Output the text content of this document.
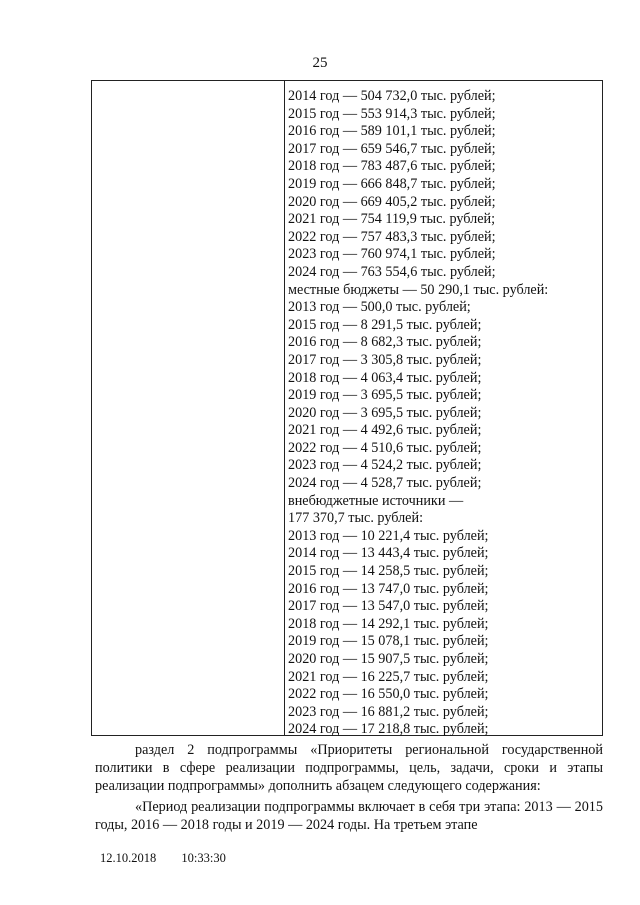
25
2014 год — 504 732,0 тыс. рублей;
2015 год — 553 914,3 тыс. рублей;
2016 год — 589 101,1 тыс. рублей;
2017 год — 659 546,7 тыс. рублей;
2018 год — 783 487,6 тыс. рублей;
2019 год — 666 848,7 тыс. рублей;
2020 год — 669 405,2 тыс. рублей;
2021 год — 754 119,9 тыс. рублей;
2022 год — 757 483,3 тыс. рублей;
2023 год — 760 974,1 тыс. рублей;
2024 год — 763 554,6 тыс. рублей;
местные бюджеты — 50 290,1 тыс. рублей:
2013 год — 500,0 тыс. рублей;
2015 год — 8 291,5 тыс. рублей;
2016 год — 8 682,3 тыс. рублей;
2017 год — 3 305,8 тыс. рублей;
2018 год — 4 063,4 тыс. рублей;
2019 год — 3 695,5 тыс. рублей;
2020 год — 3 695,5 тыс. рублей;
2021 год — 4 492,6 тыс. рублей;
2022 год — 4 510,6 тыс. рублей;
2023 год — 4 524,2 тыс. рублей;
2024 год — 4 528,7 тыс. рублей;
внебюджетные источники —
177 370,7 тыс. рублей:
2013 год — 10 221,4 тыс. рублей;
2014 год — 13 443,4 тыс. рублей;
2015 год — 14 258,5 тыс. рублей;
2016 год — 13 747,0 тыс. рублей;
2017 год — 13 547,0 тыс. рублей;
2018 год — 14 292,1 тыс. рублей;
2019 год — 15 078,1 тыс. рублей;
2020 год — 15 907,5 тыс. рублей;
2021 год — 16 225,7 тыс. рублей;
2022 год — 16 550,0 тыс. рублей;
2023 год — 16 881,2 тыс. рублей;
2024 год — 17 218,8 тыс. рублей;
раздел 2 подпрограммы «Приоритеты региональной государственной политики в сфере реализации подпрограммы, цель, задачи, сроки и этапы реализации подпрограммы» дополнить абзацем следующего содержания:
«Период реализации подпрограммы включает в себя три этапа: 2013 — 2015 годы, 2016 — 2018 годы и 2019 — 2024 годы. На третьем этапе
12.10.2018 10:33:30
